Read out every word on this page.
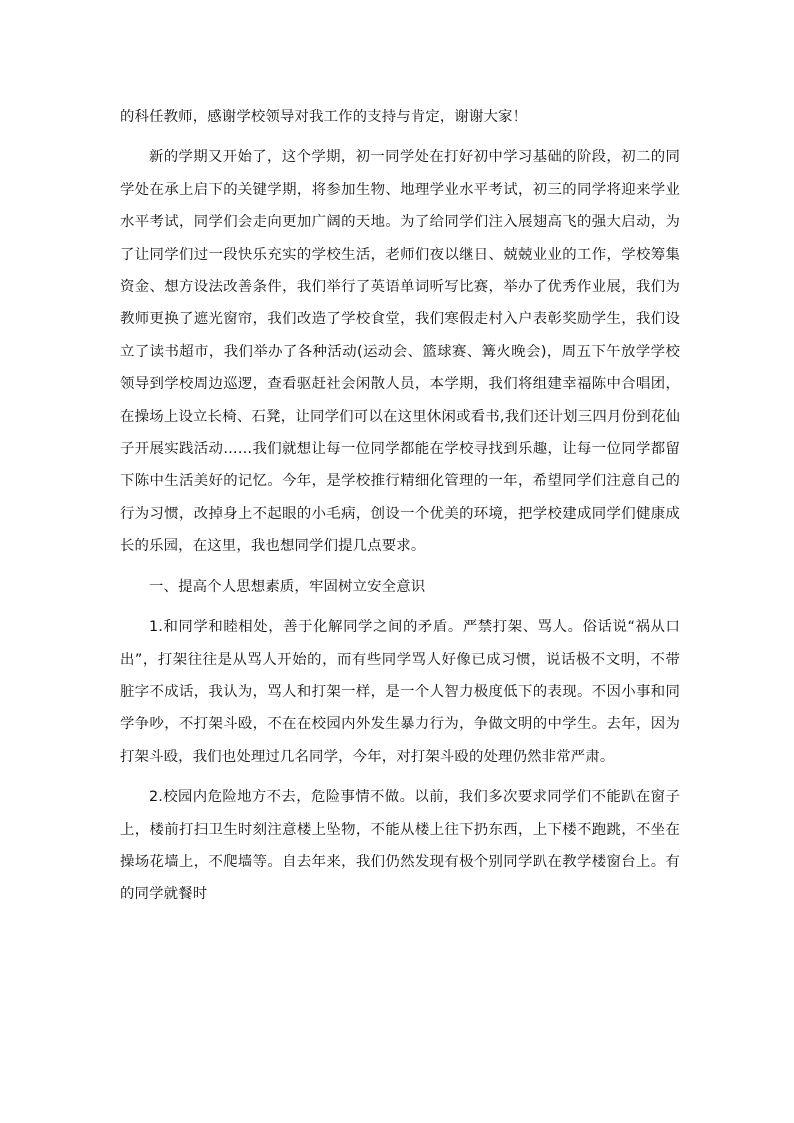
的科任教师，感谢学校领导对我工作的支持与肯定，谢谢大家！

新的学期又开始了，这个学期，初一同学处在打好初中学习基础的阶段，初二的同学处在承上启下的关键学期，将参加生物、地理学业水平考试，初三的同学将迎来学业水平考试，同学们会走向更加广阔的天地。为了给同学们注入展翅高飞的强大启动，为了让同学们过一段快乐充实的学校生活，老师们夜以继日、兢兢业业的工作，学校筹集资金、想方设法改善条件，我们举行了英语单词听写比赛，举办了优秀作业展，我们为教师更换了遮光窗帘，我们改造了学校食堂，我们寒假走村入户表彰奖励学生，我们设立了读书超市，我们举办了各种活动(运动会、篮球赛、篝火晚会)，周五下午放学学校领导到学校周边巡逻，查看驱赶社会闲散人员，本学期，我们将组建幸福陈中合唱团，在操场上设立长椅、石凳，让同学们可以在这里休闲或看书,我们还计划三四月份到花仙子开展实践活动……我们就想让每一位同学都能在学校寻找到乐趣，让每一位同学都留下陈中生活美好的记忆。今年，是学校推行精细化管理的一年，希望同学们注意自己的行为习惯，改掉身上不起眼的小毛病，创设一个优美的环境，把学校建成同学们健康成长的乐园，在这里，我也想同学们提几点要求。

一、提高个人思想素质，牢固树立安全意识

1.和同学和睦相处，善于化解同学之间的矛盾。严禁打架、骂人。俗话说“祸从口出”，打架往往是从骂人开始的，而有些同学骂人好像已成习惯，说话极不文明，不带脏字不成话，我认为，骂人和打架一样，是一个人智力极度低下的表现。不因小事和同学争吵，不打架斗殴，不在在校园内外发生暴力行为，争做文明的中学生。去年，因为打架斗殴，我们也处理过几名同学，今年，对打架斗殴的处理仍然非常严肃。

2.校园内危险地方不去，危险事情不做。以前，我们多次要求同学们不能趴在窗子上，楼前打扫卫生时刻注意楼上坠物，不能从楼上往下扔东西，上下楼不跑跳，不坐在操场花墙上，不爬墙等。自去年来，我们仍然发现有极个别同学趴在教学楼窗台上。有的同学就餐时
